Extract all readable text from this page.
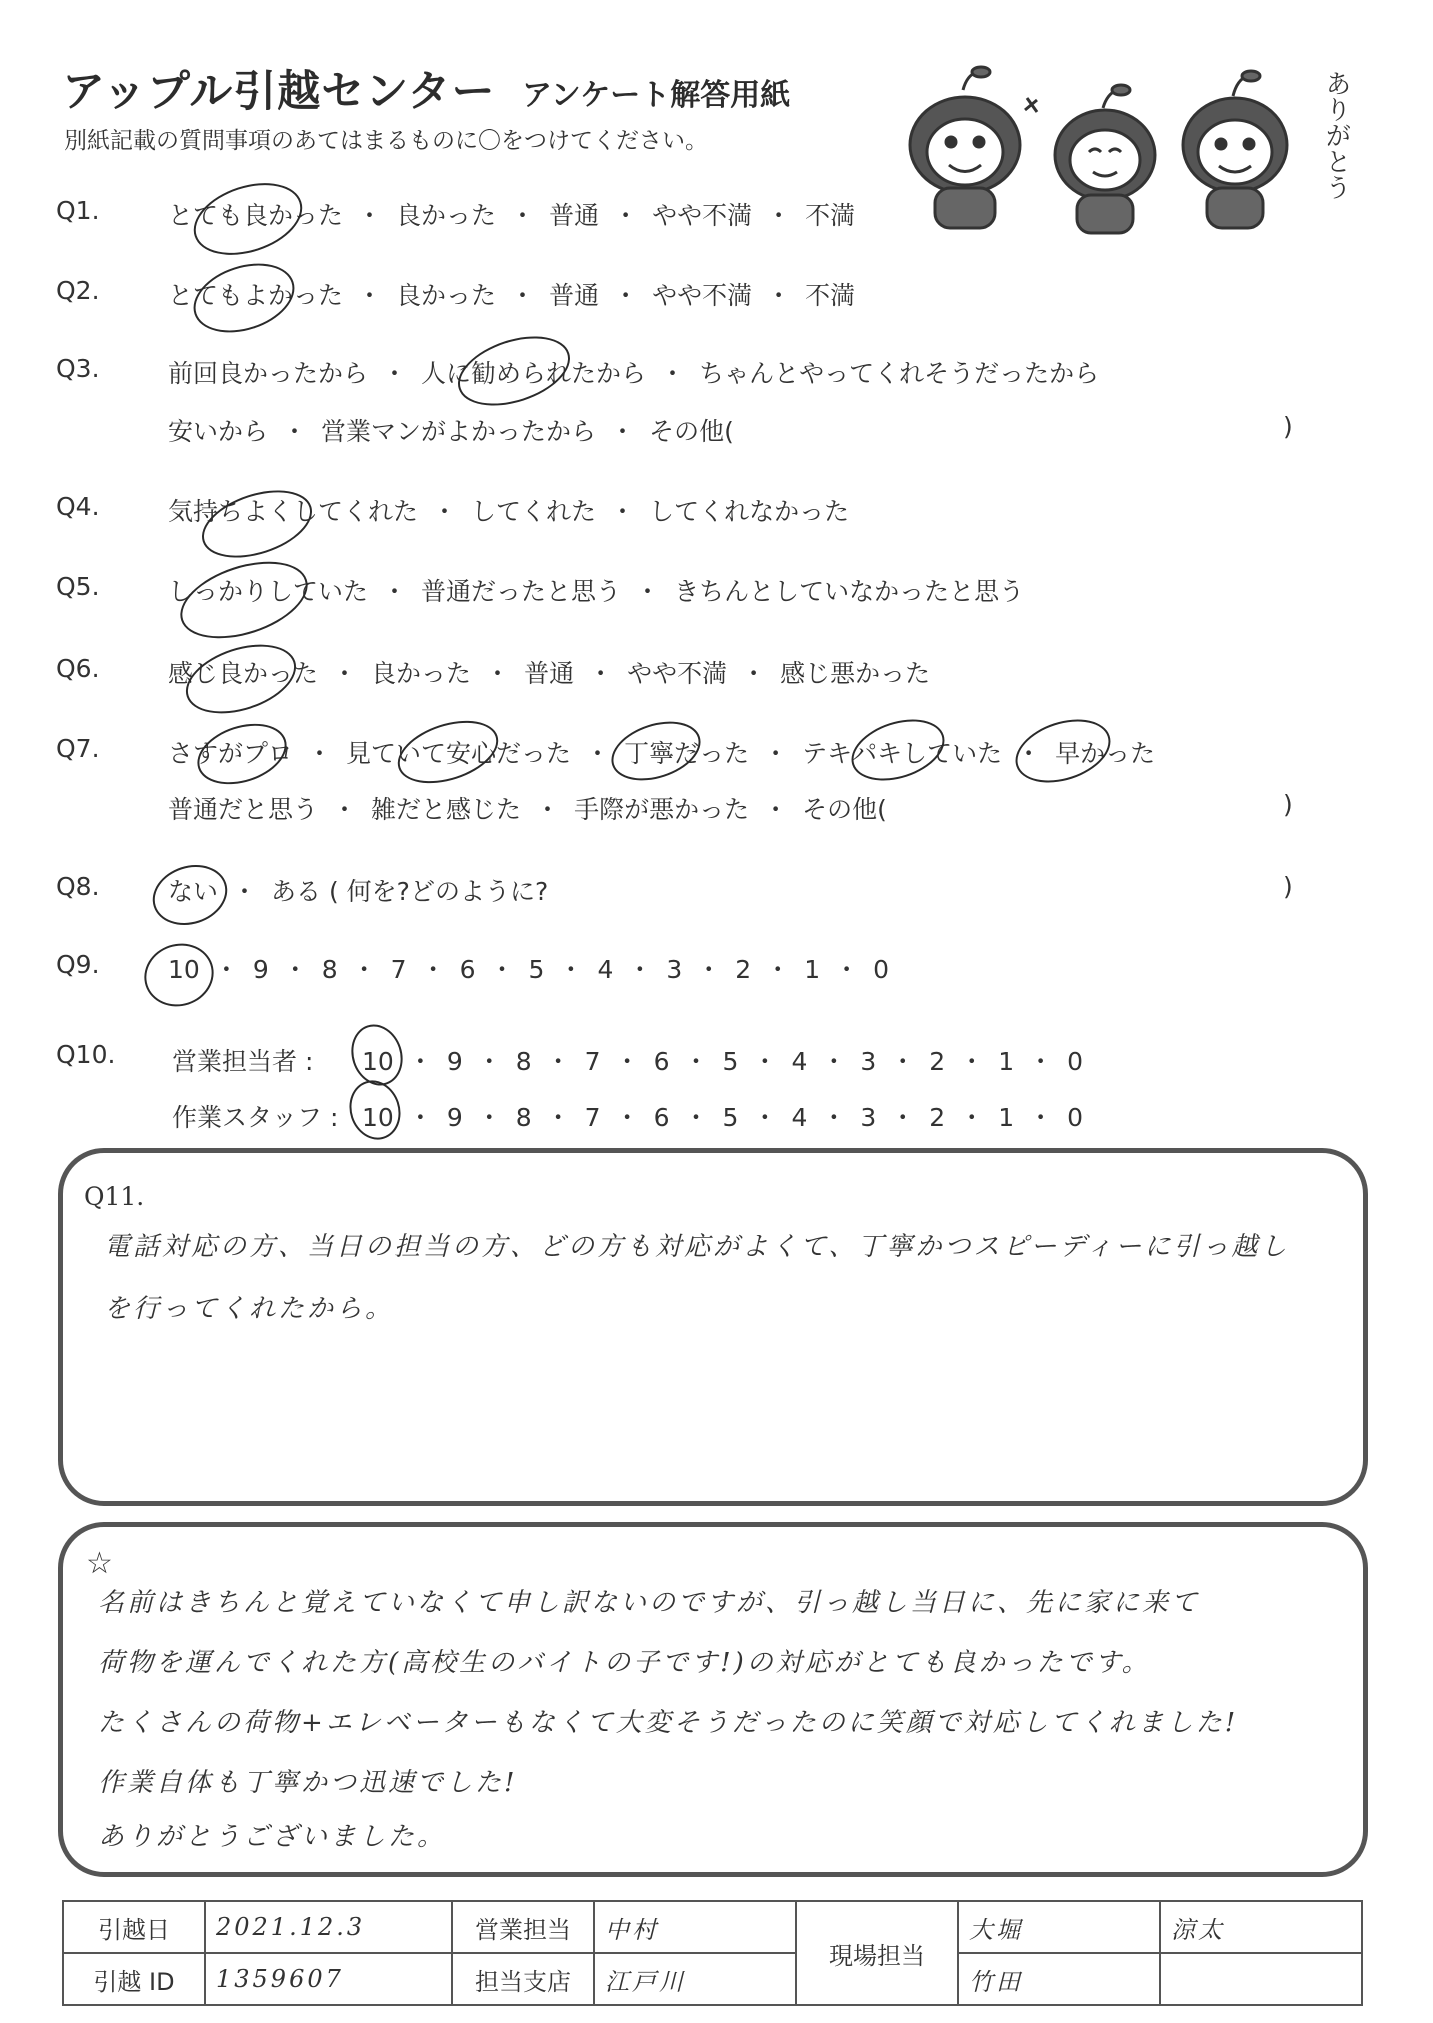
アップル引越センター アンケート解答用紙
別紙記載の質問事項のあてはまるものに〇をつけてください。	ありがとう
Q1.	とても良かった ・ 良かった ・ 普通 ・ やや不満 ・ 不満
Q2.	とてもよかった ・ 良かった ・ 普通 ・ やや不満 ・ 不満
Q3.	前回良かったから ・ 人に勧められたから ・ ちゃんとやってくれそうだったから
安いから ・ 営業マンがよかったから ・ その他(	)
Q4.	気持ちよくしてくれた ・ してくれた ・ してくれなかった
Q5.	しっかりしていた ・ 普通だったと思う ・ きちんとしていなかったと思う
Q6.	感じ良かった ・ 良かった ・ 普通 ・ やや不満 ・ 感じ悪かった
Q7.	さすがプロ ・ 見ていて安心だった ・ 丁寧だった ・ テキパキしていた ・ 早かった
普通だと思う ・ 雑だと感じた ・ 手際が悪かった ・ その他(	)
Q8.	ない ・ ある ( 何を?どのように?	)
Q9.	10 ・ 9 ・ 8 ・ 7 ・ 6 ・ 5 ・ 4 ・ 3 ・ 2 ・ 1 ・ 0
Q10. 営業担当者 : 10 ・ 9 ・ 8 ・ 7 ・ 6 ・ 5 ・ 4 ・ 3 ・ 2 ・ 1 ・ 0
作業スタッフ : 10 ・ 9 ・ 8 ・ 7 ・ 6 ・ 5 ・ 4 ・ 3 ・ 2 ・ 1 ・ 0
Q11.
電話対応の方、当日の担当の方、どの方も対応がよくて、丁寧かつスピーディーに引っ越し
を行ってくれたから。
☆
名前はきちんと覚えていなくて申し訳ないのですが、引っ越し当日に、先に家に来て
荷物を運んでくれた方(高校生のバイトの子です!)の対応がとても良かったです。
たくさんの荷物+エレベーターもなくて大変そうだったのに笑顔で対応してくれました!
作業自体も丁寧かつ迅速でした!
ありがとうございました。
引越日	2021.12.3	営業担当	中村	現場担当	大堀	涼太
引越 ID	1359607	担当支店	江戸川		竹田	
